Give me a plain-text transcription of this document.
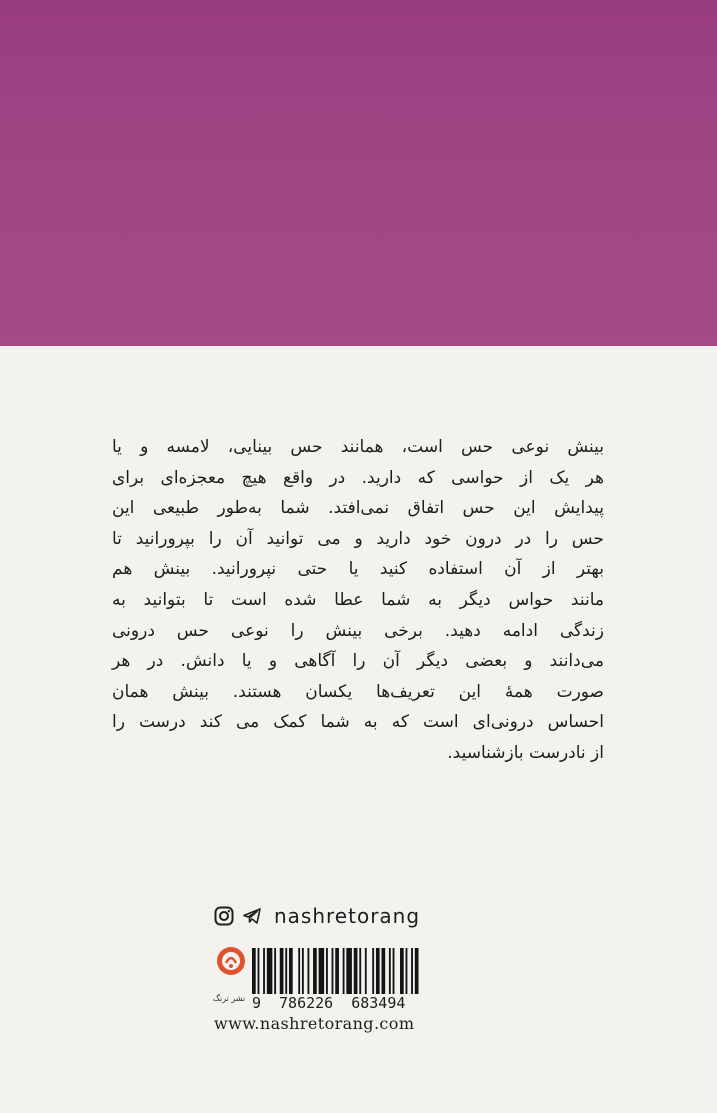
بینش نوعی حس است، همانند حس بینایی، لامسه و یا
هر یک از حواسی که دارید. در واقع هیچ معجزه‌ای برای
پیدایش این حس اتفاق نمی‌افتد. شما به‌طور طبیعی این
حس را در درون خود دارید و می توانید آن را بپرورانید تا
بهتر از آن استفاده کنید یا حتی نپرورانید. بینش هم
مانند حواس دیگر به شما عطا شده است تا بتوانید به
زندگی ادامه دهید. برخی بینش را نوعی حس درونی
می‌دانند و بعضی دیگر آن را آگاهی و یا دانش. در هر
صورت همهٔ این تعریف‌ها یکسان هستند. بینش همان
احساس درونی‌ای است که به شما کمک می کند درست را
از نادرست بازشناسید.
nashretorang
نشر ترنگ 9 786226 683494
www.nashretorang.com
